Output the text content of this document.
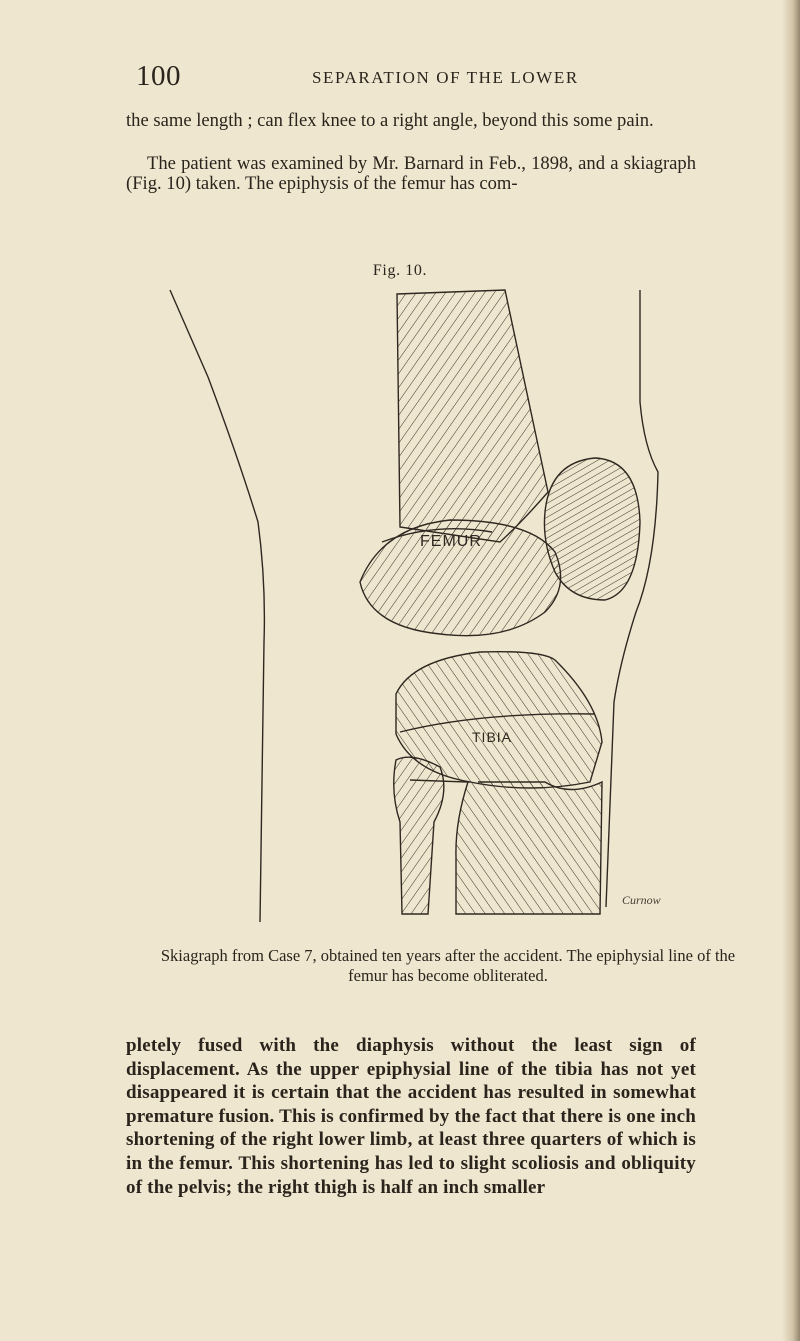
100	SEPARATION OF THE LOWER

the same length ; can flex knee to a right angle, beyond this some pain.

The patient was examined by Mr. Barnard in Feb., 1898, and a skiagraph (Fig. 10) taken. The epiphysis of the femur has com-

Fig. 10.
FEMUR
TIBIA
Curnow

Skiagraph from Case 7, obtained ten years after the accident. The epiphysial line of the femur has become obliterated.

pletely fused with the diaphysis without the least sign of displacement. As the upper epiphysial line of the tibia has not yet disappeared it is certain that the accident has resulted in somewhat premature fusion. This is confirmed by the fact that there is one inch shortening of the right lower limb, at least three quarters of which is in the femur. This shortening has led to slight scoliosis and obliquity of the pelvis; the right thigh is half an inch smaller
